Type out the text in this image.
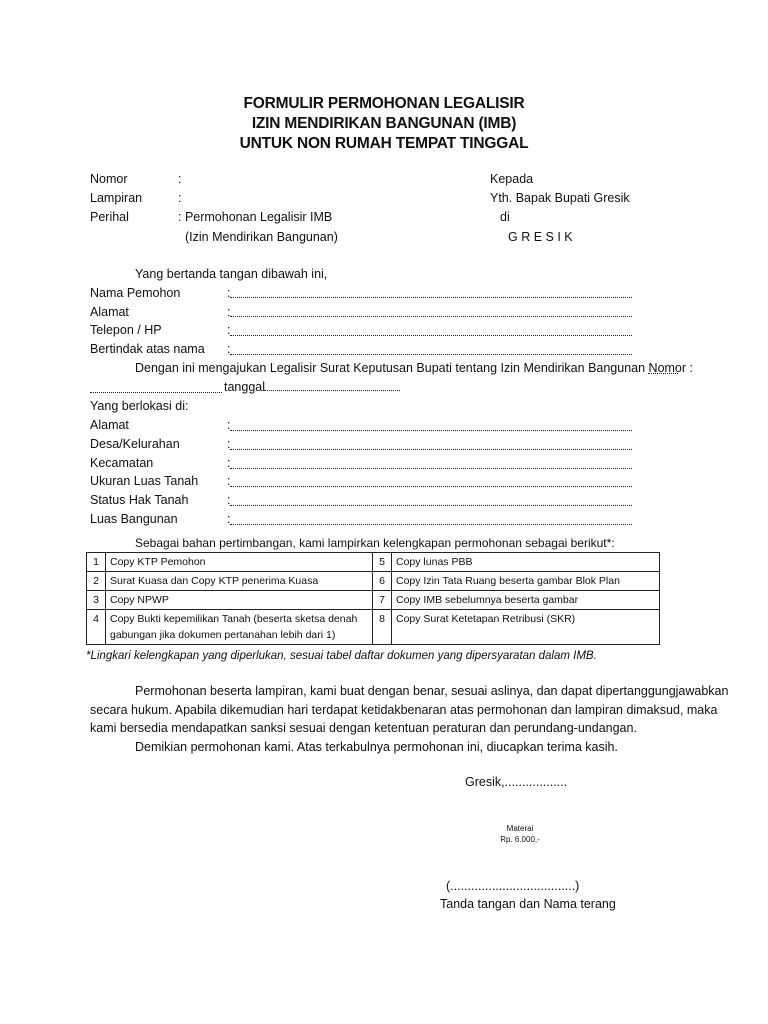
FORMULIR PERMOHONAN LEGALISIR
IZIN MENDIRIKAN BANGUNAN (IMB)
UNTUK NON RUMAH TEMPAT TINGGAL
Nomor	:
Lampiran	:
Perihal	: Permohonan Legalisir IMB
(Izin Mendirikan Bangunan)
Kepada
Yth. Bapak Bupati Gresik
di
G R E S I K
Yang bertanda tangan dibawah ini,
Nama Pemohon	:
Alamat	:
Telepon / HP	:
Bertindak atas nama :
Dengan ini mengajukan Legalisir Surat Keputusan Bupati tentang Izin Mendirikan Bangunan Nomor :
tanggal
Yang berlokasi di:
Alamat	:
Desa/Kelurahan	:
Kecamatan	:
Ukuran Luas Tanah :
Status Hak Tanah	:
Luas Bangunan	:
Sebagai bahan pertimbangan, kami lampirkan kelengkapan permohonan sebagai berikut*:
1	Copy KTP Pemohon	5	Copy lunas PBB
2	Surat Kuasa dan Copy KTP penerima Kuasa	6	Copy Izin Tata Ruang beserta gambar Blok Plan
3	Copy NPWP	7	Copy IMB sebelumnya beserta gambar
4	Copy Bukti kepemilikan Tanah (beserta sketsa denah gabungan jika dokumen pertanahan lebih dari 1)	8	Copy Surat Ketetapan Retribusi (SKR)
*Lingkari kelengkapan yang diperlukan, sesuai tabel daftar dokumen yang dipersyaratan dalam IMB.
Permohonan beserta lampiran, kami buat dengan benar, sesuai aslinya, dan dapat dipertanggungjawabkan
secara hukum. Apabila dikemudian hari terdapat ketidakbenaran atas permohonan dan lampiran dimaksud, maka
kami bersedia mendapatkan sanksi sesuai dengan ketentuan peraturan dan perundang-undangan.
Demikian permohonan kami. Atas terkabulnya permohonan ini, diucapkan terima kasih.
Gresik,..................
Materai
Rp. 6.000,-
(....................................)
Tanda tangan dan Nama terang
